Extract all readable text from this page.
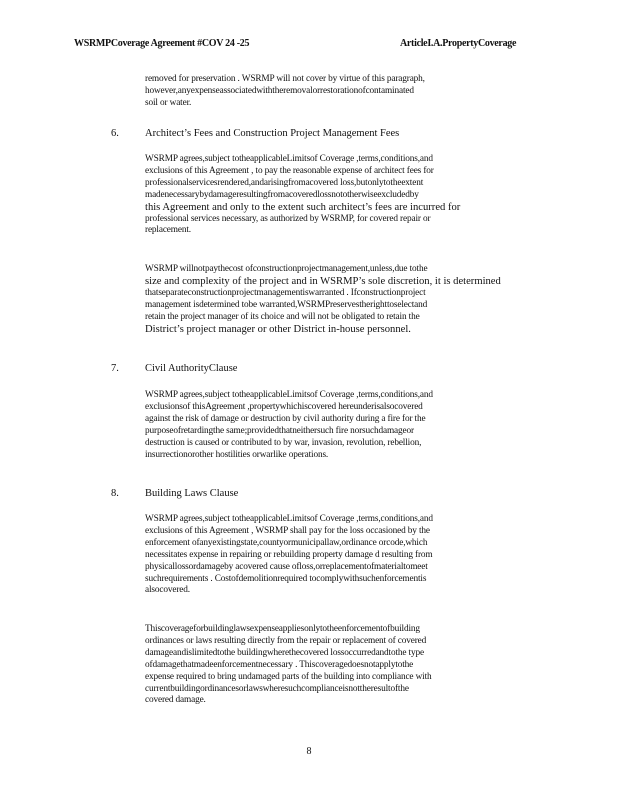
WSRMPCoverage Agreement #COV 24 -25	ArticleI.A.PropertyCoverage
removed for preservation . WSRMP will not cover by virtue of this paragraph,
however,anyexpenseassociatedwiththeremovalorrestorationofcontaminated
soil or water.
6. Architect’s Fees and Construction Project Management Fees
WSRMP agrees,subject totheapplicableLimitsof Coverage ,terms,conditions,and
exclusions of this Agreement , to pay the reasonable expense of architect fees for
professionalservicesrendered,andarisingfromacovered loss,butonlytotheextent
madenecessarybydamageresultingfromacoveredlossnototherwiseexcludedby
this Agreement and only to the extent such architect’s fees are incurred for
professional services necessary, as authorized by WSRMP, for covered repair or
replacement.
WSRMP willnotpaythecost ofconstructionprojectmanagement,unless,due tothe
size and complexity of the project and in WSRMP’s sole discretion, it is determined
thatseparateconstructionprojectmanagementiswarranted . Ifconstructionproject
management isdetermined tobe warranted,WSRMPreservestherighttoselectand
retain the project manager of its choice and will not be obligated to retain the
District’s project manager or other District in-house personnel.
7. Civil AuthorityClause
WSRMP agrees,subject totheapplicableLimitsof Coverage ,terms,conditions,and
exclusionsof thisAgreement ,propertywhichiscovered hereunderisalsocovered
against the risk of damage or destruction by civil authority during a fire for the
purposeofretardingthe same;providedthatneithersuch fire norsuchdamageor
destruction is caused or contributed to by war, invasion, revolution, rebellion,
insurrectionorother hostilities orwarlike operations.
8. Building Laws Clause
WSRMP agrees,subject totheapplicableLimitsof Coverage ,terms,conditions,and
exclusions of this Agreement , WSRMP shall pay for the loss occasioned by the
enforcement ofanyexistingstate,countyormunicipallaw,ordinance orcode,which
necessitates expense in repairing or rebuilding property damage d resulting from
physicallossordamageby acovered cause ofloss,orreplacementofmaterialtomeet
suchrequirements . Costofdemolitionrequired tocomplywithsuchenforcementis
alsocovered.
Thiscoverageforbuildinglawsexpenseappliesonlytotheenforcementofbuilding
ordinances or laws resulting directly from the repair or replacement of covered
damageandislimitedtothe buildingwherethecovered lossoccurredandtothe type
ofdamagethatmadeenforcementnecessary . Thiscoveragedoesnotapplytothe
expense required to bring undamaged parts of the building into compliance with
currentbuildingordinancesorlawswheresuchcomplianceisnottheresultofthe
covered damage.
8
